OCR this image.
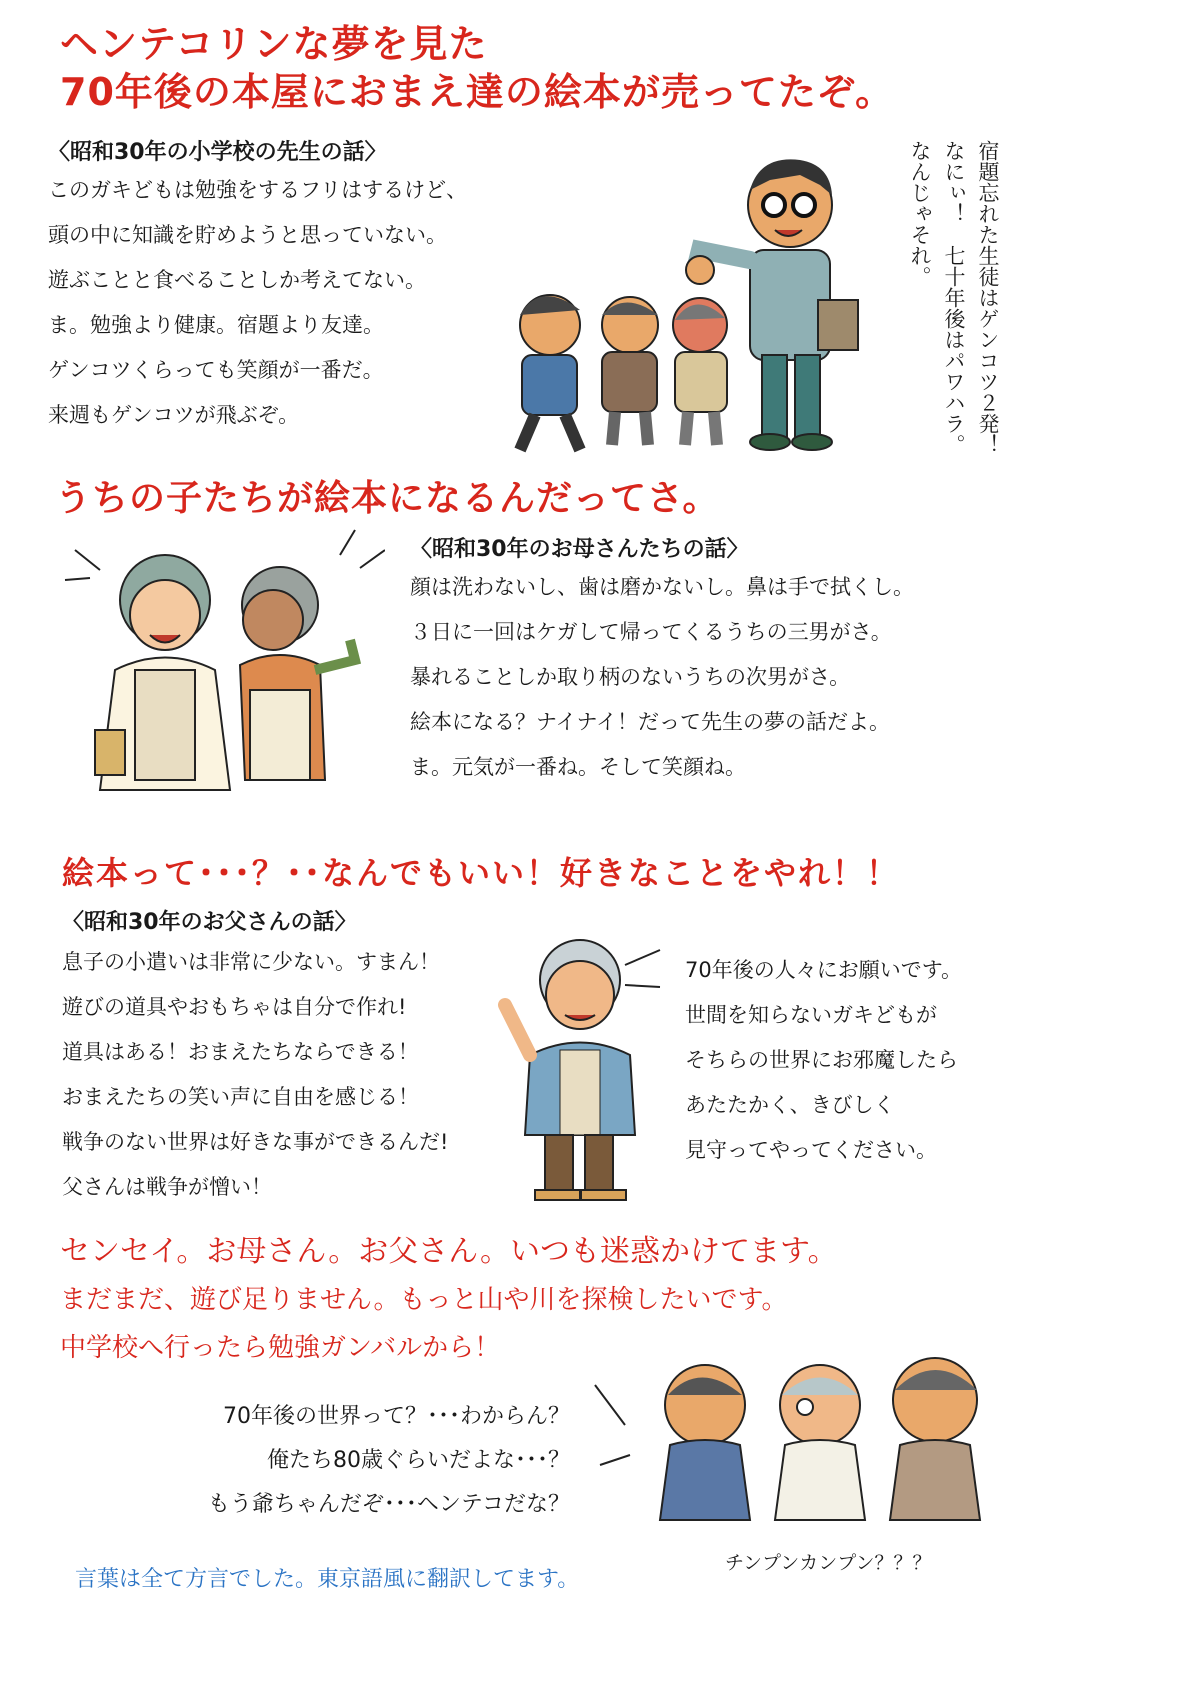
ヘンテコリンな夢を見た
70年後の本屋におまえ達の絵本が売ってたぞ。
〈昭和30年の小学校の先生の話〉
このガキどもは勉強をするフリはするけど、
頭の中に知識を貯めようと思っていない。
遊ぶことと食べることしか考えてない。
ま。勉強より健康。宿題より友達。
ゲンコツくらっても笑顔が一番だ。
来週もゲンコツが飛ぶぞ。	宿題忘れた生徒はゲンコツ２発！
なにぃ！　七十年後はパワハラ。
なんじゃそれ。
うちの子たちが絵本になるんだってさ。
〈昭和30年のお母さんたちの話〉
顔は洗わないし、歯は磨かないし。鼻は手で拭くし。
３日に一回はケガして帰ってくるうちの三男がさ。
暴れることしか取り柄のないうちの次男がさ。
絵本になる？ナイナイ！だって先生の夢の話だよ。
ま。元気が一番ね。そして笑顔ね。
絵本って･･･？･･なんでもいい！好きなことをやれ！！
〈昭和30年のお父さんの話〉
息子の小遣いは非常に少ない。すまん！
遊びの道具やおもちゃは自分で作れ!
道具はある！おまえたちならできる！
おまえたちの笑い声に自由を感じる！
戦争のない世界は好きな事ができるんだ!
父さんは戦争が憎い！
70年後の人々にお願いです。
世間を知らないガキどもが
そちらの世界にお邪魔したら
あたたかく、きびしく
見守ってやってください。
センセイ。お母さん。お父さん。いつも迷惑かけてます。
まだまだ、遊び足りません。もっと山や川を探検したいです。
中学校へ行ったら勉強ガンバルから！
70年後の世界って？･･･わからん？
俺たち80歳ぐらいだよな･･･？
もう爺ちゃんだぞ･･･ヘンテコだな？
チンプンカンプン？？？
言葉は全て方言でした。東京語風に翻訳してます。
